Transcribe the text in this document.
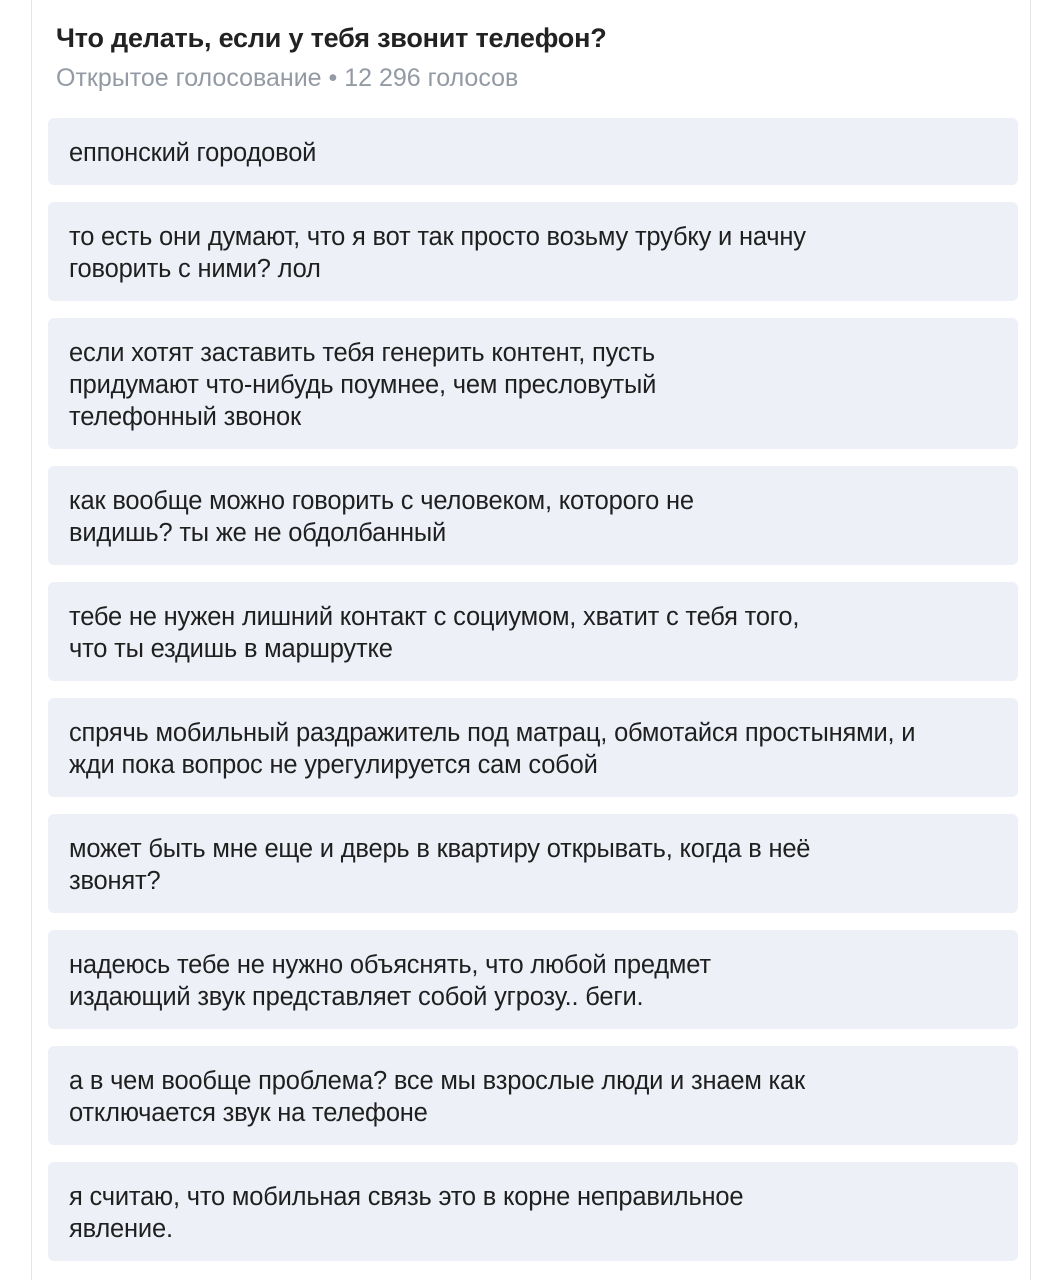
Что делать, если у тебя звонит телефон?
Открытое голосование • 12 296 голосов
еппонский городовой
то есть они думают, что я вот так просто возьму трубку и начну говорить с ними? лол
если хотят заставить тебя генерить контент, пусть придумают что-нибудь поумнее, чем пресловутый телефонный звонок
как вообще можно говорить с человеком, которого не видишь? ты же не обдолбанный
тебе не нужен лишний контакт с социумом, хватит с тебя того, что ты ездишь в маршрутке
спрячь мобильный раздражитель под матрац, обмотайся простынями, и жди пока вопрос не урегулируется сам собой
может быть мне еще и дверь в квартиру открывать, когда в неё звонят?
надеюсь тебе не нужно объяснять, что любой предмет издающий звук представляет собой угрозу.. беги.
а в чем вообще проблема? все мы взрослые люди и знаем как отключается звук на телефоне
я считаю, что мобильная связь это в корне неправильное явление.
